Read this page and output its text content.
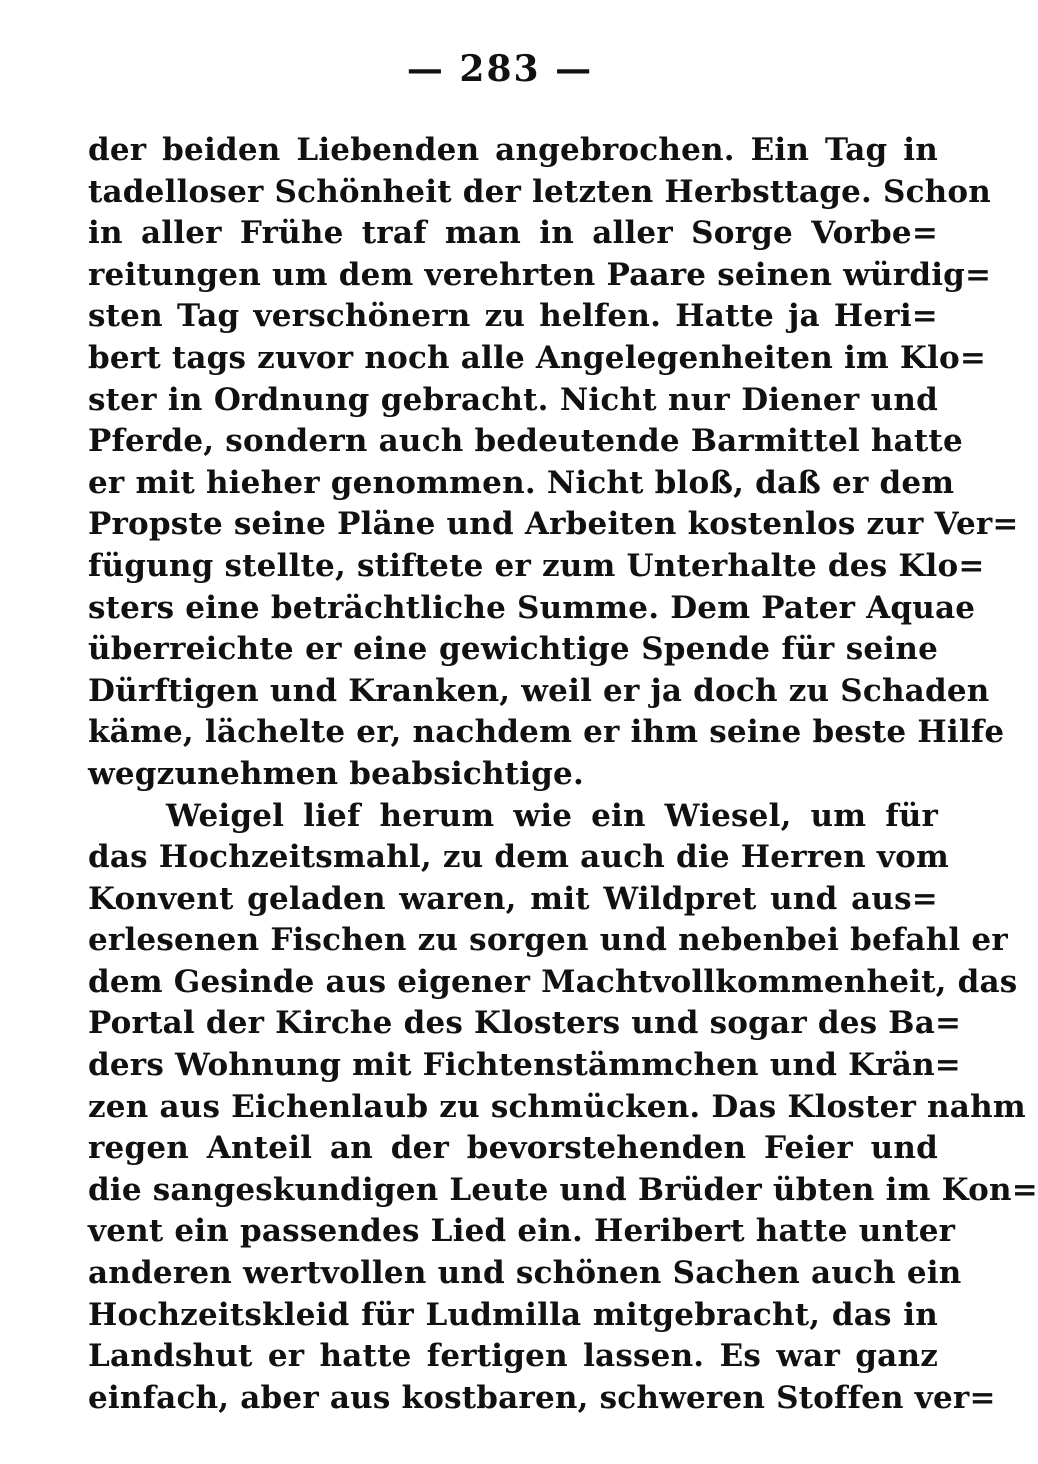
— 283 —
der beiden Liebenden angebrochen. Ein Tag in
tadelloser Schönheit der letzten Herbsttage. Schon
in aller Frühe traf man in aller Sorge Vorbe=
reitungen um dem verehrten Paare seinen würdig=
sten Tag verschönern zu helfen. Hatte ja Heri=
bert tags zuvor noch alle Angelegenheiten im Klo=
ster in Ordnung gebracht. Nicht nur Diener und
Pferde, sondern auch bedeutende Barmittel hatte
er mit hieher genommen. Nicht bloß, daß er dem
Propste seine Pläne und Arbeiten kostenlos zur Ver=
fügung stellte, stiftete er zum Unterhalte des Klo=
sters eine beträchtliche Summe. Dem Pater Aquae
überreichte er eine gewichtige Spende für seine
Dürftigen und Kranken, weil er ja doch zu Schaden
käme, lächelte er, nachdem er ihm seine beste Hilfe
wegzunehmen beabsichtige.
Weigel lief herum wie ein Wiesel, um für
das Hochzeitsmahl, zu dem auch die Herren vom
Konvent geladen waren, mit Wildpret und aus=
erlesenen Fischen zu sorgen und nebenbei befahl er
dem Gesinde aus eigener Machtvollkommenheit, das
Portal der Kirche des Klosters und sogar des Ba=
ders Wohnung mit Fichtenstämmchen und Krän=
zen aus Eichenlaub zu schmücken. Das Kloster nahm
regen Anteil an der bevorstehenden Feier und
die sangeskundigen Leute und Brüder übten im Kon=
vent ein passendes Lied ein. Heribert hatte unter
anderen wertvollen und schönen Sachen auch ein
Hochzeitskleid für Ludmilla mitgebracht, das in
Landshut er hatte fertigen lassen. Es war ganz
einfach, aber aus kostbaren, schweren Stoffen ver=
